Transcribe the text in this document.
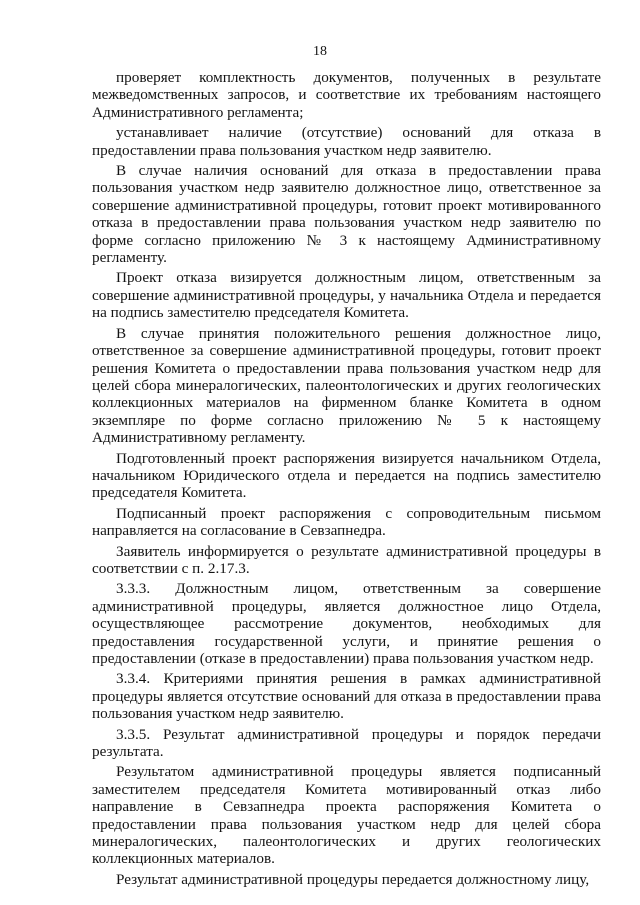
18

проверяет комплектность документов, полученных в результате межведомственных запросов, и соответствие их требованиям настоящего Административного регламента;

устанавливает наличие (отсутствие) оснований для отказа в предоставлении права пользования участком недр заявителю.

В случае наличия оснований для отказа в предоставлении права пользования участком недр заявителю должностное лицо, ответственное за совершение административной процедуры, готовит проект мотивированного отказа в предоставлении права пользования участком недр заявителю по форме согласно приложению № 3 к настоящему Административному регламенту.

Проект отказа визируется должностным лицом, ответственным за совершение административной процедуры, у начальника Отдела и передается на подпись заместителю председателя Комитета.

В случае принятия положительного решения должностное лицо, ответственное за совершение административной процедуры, готовит проект решения Комитета о предоставлении права пользования участком недр для целей сбора минералогических, палеонтологических и других геологических коллекционных материалов на фирменном бланке Комитета в одном экземпляре по форме согласно приложению № 5 к настоящему Административному регламенту.

Подготовленный проект распоряжения визируется начальником Отдела, начальником Юридического отдела и передается на подпись заместителю председателя Комитета.

Подписанный проект распоряжения с сопроводительным письмом направляется на согласование в Севзапнедра.

Заявитель информируется о результате административной процедуры в соответствии с п. 2.17.3.

3.3.3. Должностным лицом, ответственным за совершение административной процедуры, является должностное лицо Отдела, осуществляющее рассмотрение документов, необходимых для предоставления государственной услуги, и принятие решения о предоставлении (отказе в предоставлении) права пользования участком недр.

3.3.4. Критериями принятия решения в рамках административной процедуры является отсутствие оснований для отказа в предоставлении права пользования участком недр заявителю.

3.3.5. Результат административной процедуры и порядок передачи результата.

Результатом административной процедуры является подписанный заместителем председателя Комитета мотивированный отказ либо направление в Севзапнедра проекта распоряжения Комитета о предоставлении права пользования участком недр для целей сбора минералогических, палеонтологических и других геологических коллекционных материалов.

Результат административной процедуры передается должностному лицу,
